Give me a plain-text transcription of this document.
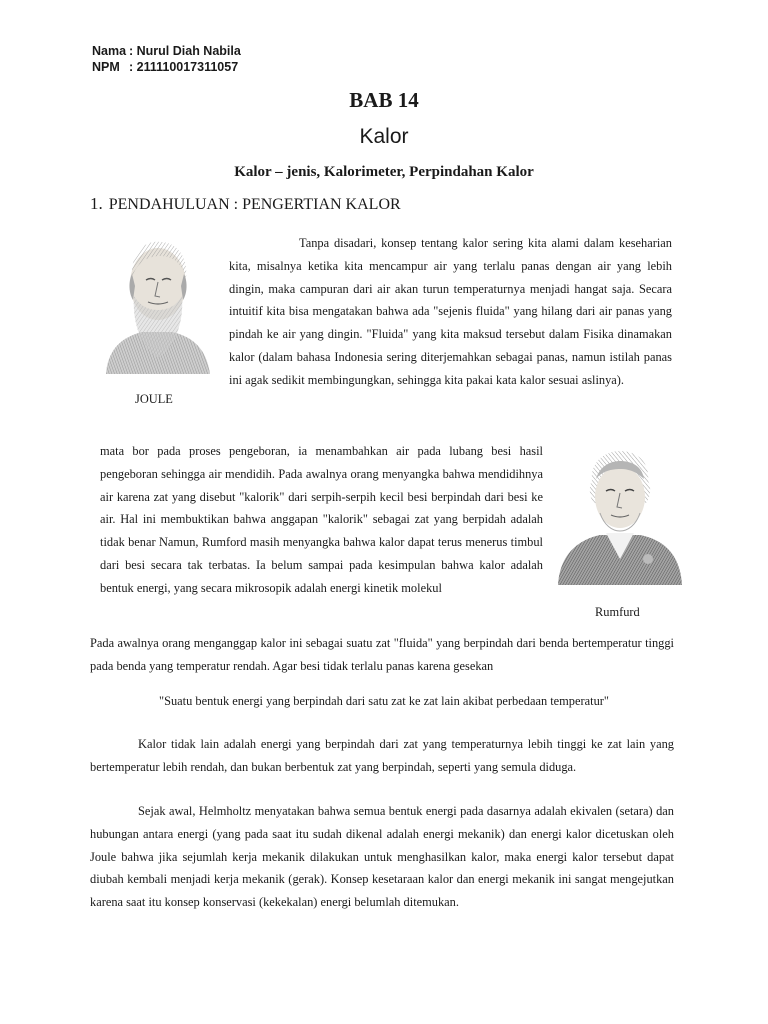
Nama : Nurul Diah Nabila
NPM : 211110017311057
BAB 14
Kalor
Kalor – jenis, Kalorimeter, Perpindahan Kalor
1. PENDAHULUAN : PENGERTIAN KALOR
JOULE
Tanpa disadari, konsep tentang kalor sering kita alami dalam keseharian kita, misalnya ketika kita mencampur air yang terlalu panas dengan air yang lebih dingin, maka campuran dari air akan turun temperaturnya menjadi hangat saja. Secara intuitif kita bisa mengatakan bahwa ada "sejenis fluida" yang hilang dari air panas yang pindah ke air yang dingin. "Fluida" yang kita maksud tersebut dalam Fisika dinamakan kalor (dalam bahasa Indonesia sering diterjemahkan sebagai panas, namun istilah panas ini agak sedikit membingungkan, sehingga kita pakai kata kalor sesuai aslinya).
mata bor pada proses pengeboran, ia menambahkan air pada lubang besi hasil pengeboran sehingga air mendidih. Pada awalnya orang menyangka bahwa mendidihnya air karena zat yang disebut "kalorik" dari serpih-serpih kecil besi berpindah dari besi ke air. Hal ini membuktikan bahwa anggapan "kalorik" sebagai zat yang berpidah adalah tidak benar Namun, Rumford masih menyangka bahwa kalor dapat terus menerus timbul dari besi secara tak terbatas. Ia belum sampai pada kesimpulan bahwa kalor adalah bentuk energi, yang secara mikrosopik adalah energi kinetik molekul
Rumfurd
Pada awalnya orang menganggap kalor ini sebagai suatu zat "fluida" yang berpindah dari benda bertemperatur tinggi pada benda yang temperatur rendah. Agar besi tidak terlalu panas karena gesekan
"Suatu bentuk energi yang berpindah dari satu zat ke zat lain akibat perbedaan temperatur"
Kalor tidak lain adalah energi yang berpindah dari zat yang temperaturnya lebih tinggi ke zat lain yang bertemperatur lebih rendah, dan bukan berbentuk zat yang berpindah, seperti yang semula diduga.
Sejak awal, Helmholtz menyatakan bahwa semua bentuk energi pada dasarnya adalah ekivalen (setara) dan hubungan antara energi (yang pada saat itu sudah dikenal adalah energi mekanik) dan energi kalor dicetuskan oleh Joule bahwa jika sejumlah kerja mekanik dilakukan untuk menghasilkan kalor, maka energi kalor tersebut dapat diubah kembali menjadi kerja mekanik (gerak). Konsep kesetaraan kalor dan energi mekanik ini sangat mengejutkan karena saat itu konsep konservasi (kekekalan) energi belumlah ditemukan.
